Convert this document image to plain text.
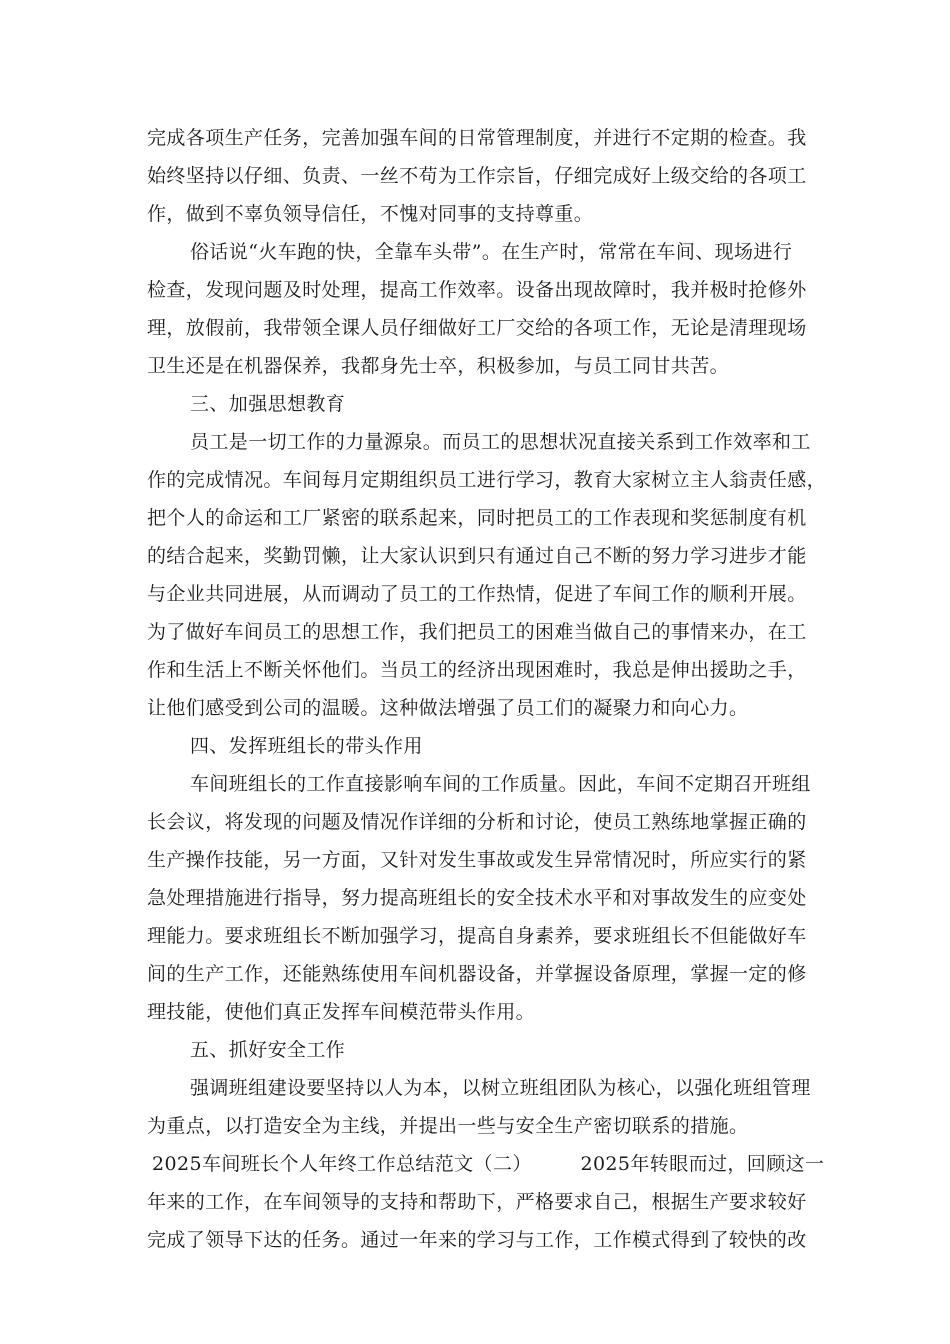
完成各项生产任务，完善加强车间的日常管理制度，并进行不定期的检查。我
始终坚持以仔细、负责、一丝不苟为工作宗旨，仔细完成好上级交给的各项工
作，做到不辜负领导信任，不愧对同事的支持尊重。
俗话说“火车跑的快，全靠车头带”。在生产时，常常在车间、现场进行
检查，发现问题及时处理，提高工作效率。设备出现故障时，我并极时抢修外
理，放假前，我带领全课人员仔细做好工厂交给的各项工作，无论是清理现场
卫生还是在机器保养，我都身先士卒，积极参加，与员工同甘共苦。
三、加强思想教育
员工是一切工作的力量源泉。而员工的思想状况直接关系到工作效率和工
作的完成情况。车间每月定期组织员工进行学习，教育大家树立主人翁责任感，
把个人的命运和工厂紧密的联系起来，同时把员工的工作表现和奖惩制度有机
的结合起来，奖勤罚懒，让大家认识到只有通过自己不断的努力学习进步才能
与企业共同进展，从而调动了员工的工作热情，促进了车间工作的顺利开展。
为了做好车间员工的思想工作，我们把员工的困难当做自己的事情来办，在工
作和生活上不断关怀他们。当员工的经济出现困难时，我总是伸出援助之手，
让他们感受到公司的温暖。这种做法增强了员工们的凝聚力和向心力。
四、发挥班组长的带头作用
车间班组长的工作直接影响车间的工作质量。因此，车间不定期召开班组
长会议，将发现的问题及情况作详细的分析和讨论，使员工熟练地掌握正确的
生产操作技能，另一方面，又针对发生事故或发生异常情况时，所应实行的紧
急处理措施进行指导，努力提高班组长的安全技术水平和对事故发生的应变处
理能力。要求班组长不断加强学习，提高自身素养，要求班组长不但能做好车
间的生产工作，还能熟练使用车间机器设备，并掌握设备原理，掌握一定的修
理技能，使他们真正发挥车间模范带头作用。
五、抓好安全工作
强调班组建设要坚持以人为本，以树立班组团队为核心，以强化班组管理
为重点，以打造安全为主线，并提出一些与安全生产密切联系的措施。
2025车间班长个人年终工作总结范文（二）　　　2025年转眼而过，回顾这一
年来的工作，在车间领导的支持和帮助下，严格要求自己，根据生产要求较好
完成了领导下达的任务。通过一年来的学习与工作，工作模式得到了较快的改
